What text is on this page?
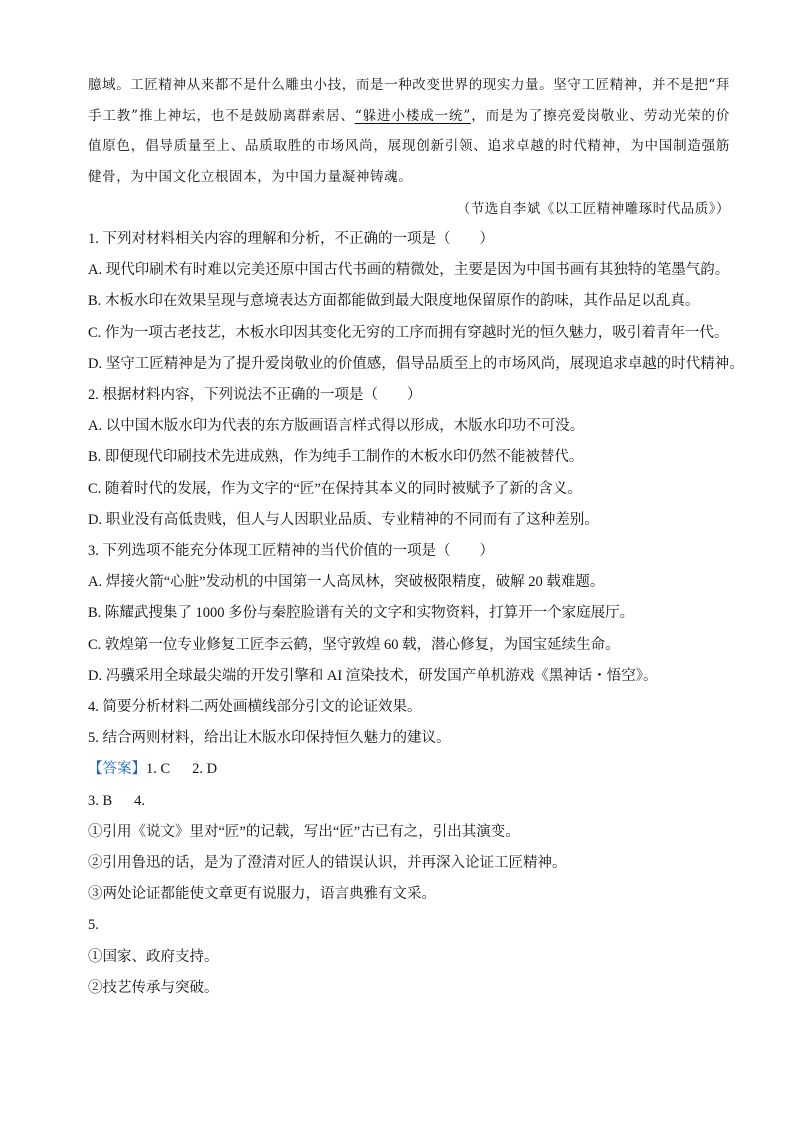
臆域。工匠精神从来都不是什么雕虫小技，而是一种改变世界的现实力量。坚守工匠精神，并不是把“拜手工教”推上神坛，也不是鼓励离群索居、“躲进小楼成一统”，而是为了擦亮爱岗敬业、劳动光荣的价值原色，倡导质量至上、品质取胜的市场风尚，展现创新引领、追求卓越的时代精神，为中国制造强筋健骨，为中国文化立根固本，为中国力量凝神铸魂。

（节选自李斌《以工匠精神雕琢时代品质》）

1. 下列对材料相关内容的理解和分析，不正确的一项是（　　）

A. 现代印刷术有时难以完美还原中国古代书画的精微处，主要是因为中国书画有其独特的笔墨气韵。

B. 木板水印在效果呈现与意境表达方面都能做到最大限度地保留原作的韵味，其作品足以乱真。

C. 作为一项古老技艺，木板水印因其变化无穷的工序而拥有穿越时光的恒久魅力，吸引着青年一代。

D. 坚守工匠精神是为了提升爱岗敬业的价值感，倡导品质至上的市场风尚，展现追求卓越的时代精神。

2. 根据材料内容，下列说法不正确的一项是（　　）

A. 以中国木版水印为代表的东方版画语言样式得以形成，木版水印功不可没。

B. 即便现代印刷技术先进成熟，作为纯手工制作的木板水印仍然不能被替代。

C. 随着时代的发展，作为文字的“匠”在保持其本义的同时被赋予了新的含义。

D. 职业没有高低贵贱，但人与人因职业品质、专业精神的不同而有了这种差别。

3. 下列选项不能充分体现工匠精神的当代价值的一项是（　　）

A. 焊接火箭“心脏”发动机的中国第一人高凤林，突破极限精度，破解 20 载难题。

B. 陈耀武搜集了 1000 多份与秦腔脸谱有关的文字和实物资料，打算开一个家庭展厅。

C. 敦煌第一位专业修复工匠李云鹤，坚守敦煌 60 载，潜心修复，为国宝延续生命。

D. 冯骥采用全球最尖端的开发引擎和 AI 渲染技术，研发国产单机游戏《黑神话・悟空》。

4. 简要分析材料二两处画横线部分引文的论证效果。

5. 结合两则材料，给出让木版水印保持恒久魅力的建议。

【答案】1. C 2. D

3. B 4.

①引用《说文》里对“匠”的记载，写出“匠”古已有之，引出其演变。

②引用鲁迅的话，是为了澄清对匠人的错误认识，并再深入论证工匠精神。

③两处论证都能使文章更有说服力，语言典雅有文采。

5.

①国家、政府支持。

②技艺传承与突破。
